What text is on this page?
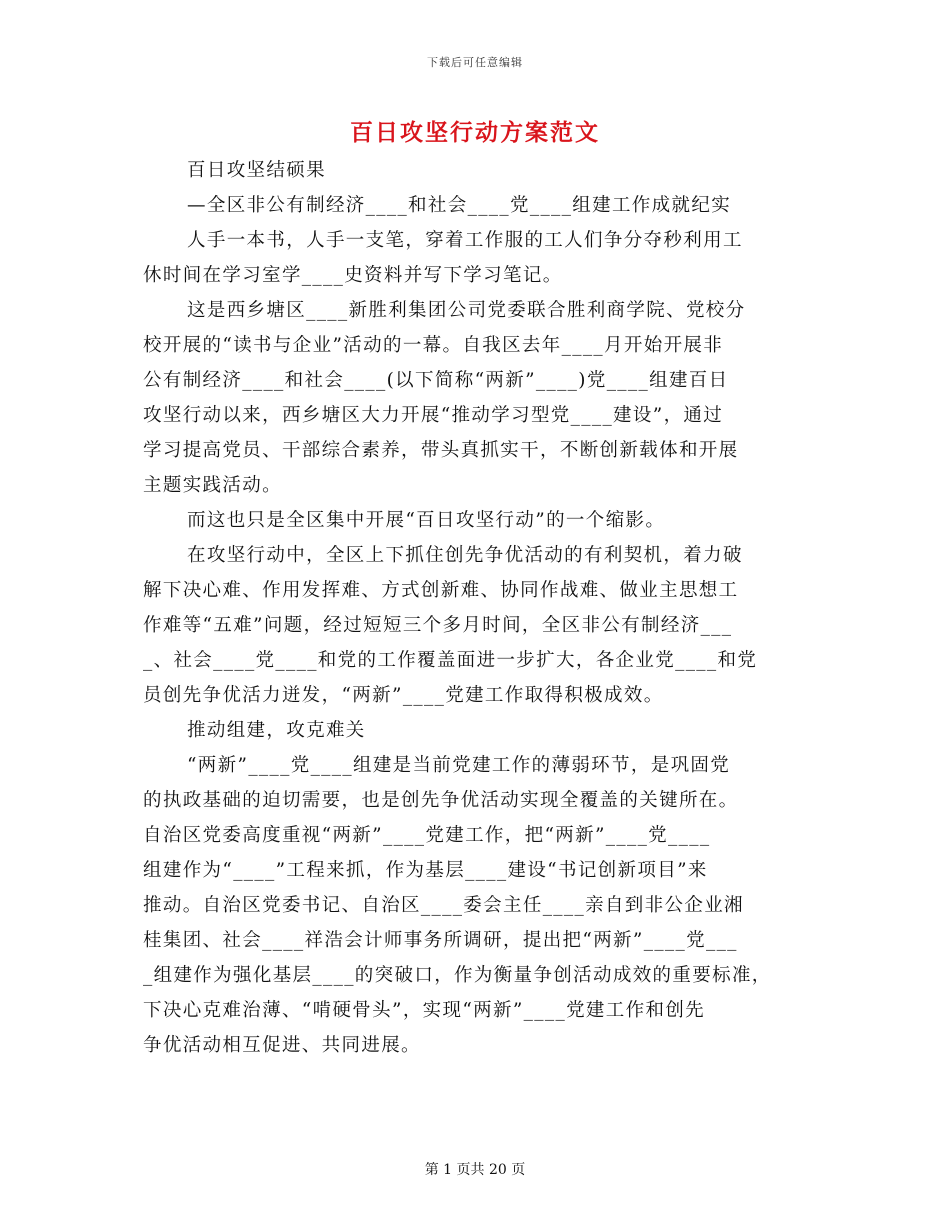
下载后可任意编辑
百日攻坚行动方案范文
百日攻坚结硕果
—全区非公有制经济____和社会____党____组建工作成就纪实
人手一本书，人手一支笔，穿着工作服的工人们争分夺秒利用工
休时间在学习室学____史资料并写下学习笔记。
这是西乡塘区____新胜利集团公司党委联合胜利商学院、党校分
校开展的“读书与企业”活动的一幕。自我区去年____月开始开展非
公有制经济____和社会____(以下简称“两新”____)党____组建百日
攻坚行动以来，西乡塘区大力开展“推动学习型党____建设”，通过
学习提高党员、干部综合素养，带头真抓实干，不断创新载体和开展
主题实践活动。
而这也只是全区集中开展“百日攻坚行动”的一个缩影。
在攻坚行动中，全区上下抓住创先争优活动的有利契机，着力破
解下决心难、作用发挥难、方式创新难、协同作战难、做业主思想工
作难等“五难”问题，经过短短三个多月时间，全区非公有制经济___
_、社会____党____和党的工作覆盖面进一步扩大，各企业党____和党
员创先争优活力迸发，“两新”____党建工作取得积极成效。
推动组建，攻克难关
“两新”____党____组建是当前党建工作的薄弱环节，是巩固党
的执政基础的迫切需要，也是创先争优活动实现全覆盖的关键所在。
自治区党委高度重视“两新”____党建工作，把“两新”____党____
组建作为“____”工程来抓，作为基层____建设“书记创新项目”来
推动。自治区党委书记、自治区____委会主任____亲自到非公企业湘
桂集团、社会____祥浩会计师事务所调研，提出把“两新”____党___
_组建作为强化基层____的突破口，作为衡量争创活动成效的重要标准，
下决心克难治薄、“啃硬骨头”，实现“两新”____党建工作和创先
争优活动相互促进、共同进展。
第 1 页共 20 页
